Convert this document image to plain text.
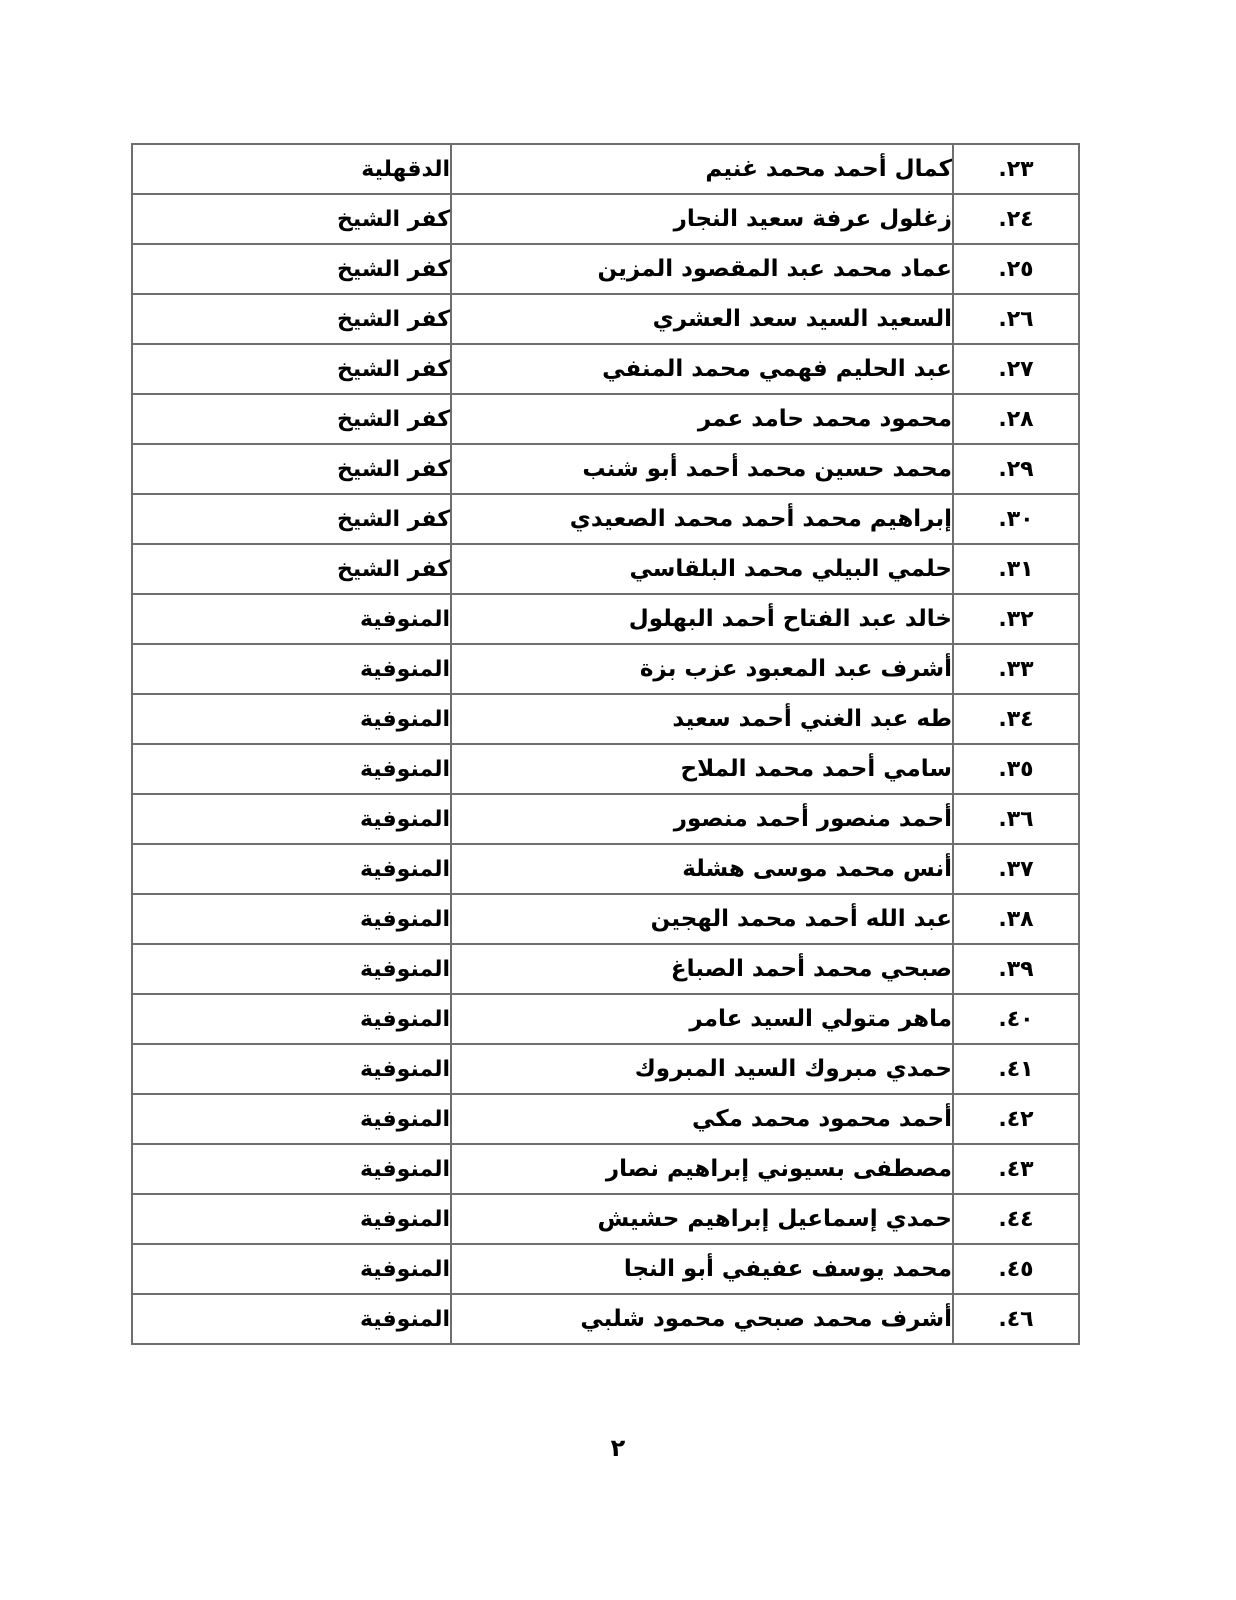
.٢٣	كمال أحمد محمد غنيم	الدقهلية
.٢٤	زغلول عرفة سعيد النجار	كفر الشيخ
.٢٥	عماد محمد عبد المقصود المزين	كفر الشيخ
.٢٦	السعيد السيد سعد العشري	كفر الشيخ
.٢٧	عبد الحليم فهمي محمد المنفي	كفر الشيخ
.٢٨	محمود محمد حامد عمر	كفر الشيخ
.٢٩	محمد حسين محمد أحمد أبو شنب	كفر الشيخ
.٣٠	إبراهيم محمد أحمد محمد الصعيدي	كفر الشيخ
.٣١	حلمي البيلي محمد البلقاسي	كفر الشيخ
.٣٢	خالد عبد الفتاح أحمد البهلول	المنوفية
.٣٣	أشرف عبد المعبود عزب بزة	المنوفية
.٣٤	طه عبد الغني أحمد سعيد	المنوفية
.٣٥	سامي أحمد محمد الملاح	المنوفية
.٣٦	أحمد منصور أحمد منصور	المنوفية
.٣٧	أنس محمد موسى هشلة	المنوفية
.٣٨	عبد الله أحمد محمد الهجين	المنوفية
.٣٩	صبحي محمد أحمد الصباغ	المنوفية
.٤٠	ماهر متولي السيد عامر	المنوفية
.٤١	حمدي مبروك السيد المبروك	المنوفية
.٤٢	أحمد محمود محمد مكي	المنوفية
.٤٣	مصطفى بسيوني إبراهيم نصار	المنوفية
.٤٤	حمدي إسماعيل إبراهيم حشيش	المنوفية
.٤٥	محمد يوسف عفيفي أبو النجا	المنوفية
.٤٦	أشرف محمد صبحي محمود شلبي	المنوفية
٢
